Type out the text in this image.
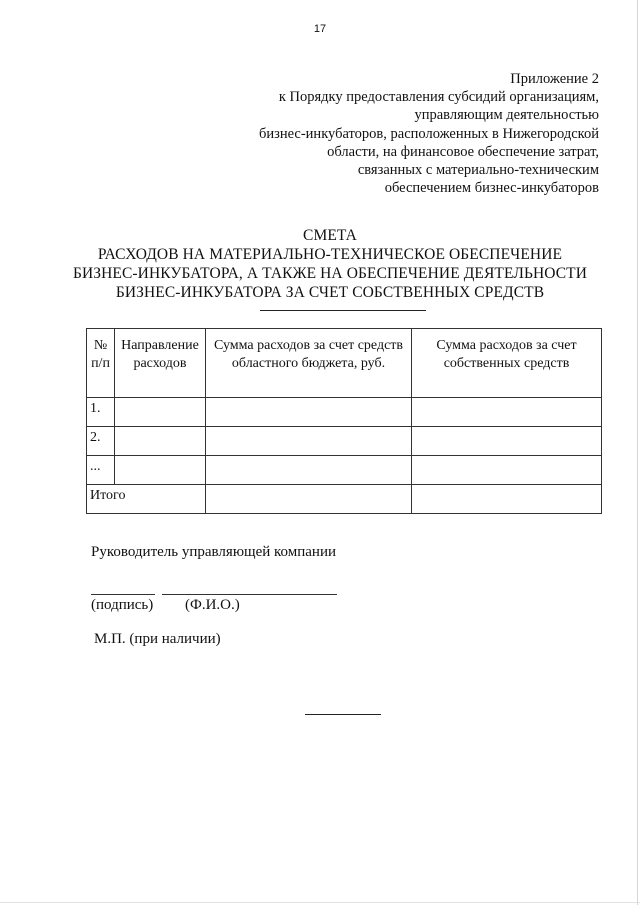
17
Приложение 2
к Порядку предоставления субсидий организациям,
управляющим деятельностью
бизнес-инкубаторов, расположенных в Нижегородской
области, на финансовое обеспечение затрат,
связанных с материально-техническим
обеспечением бизнес-инкубаторов
СМЕТА
РАСХОДОВ НА МАТЕРИАЛЬНО-ТЕХНИЧЕСКОЕ ОБЕСПЕЧЕНИЕ
БИЗНЕС-ИНКУБАТОРА, А ТАКЖЕ НА ОБЕСПЕЧЕНИЕ ДЕЯТЕЛЬНОСТИ
БИЗНЕС-ИНКУБАТОРА ЗА СЧЕТ СОБСТВЕННЫХ СРЕДСТВ
№ п/п	Направление расходов	Сумма расходов за счет средств областного бюджета, руб.	Сумма расходов за счет собственных средств
1.			
2.			
...			
Итого			
Руководитель управляющей компании
(подпись) (Ф.И.О.)
М.П. (при наличии)
